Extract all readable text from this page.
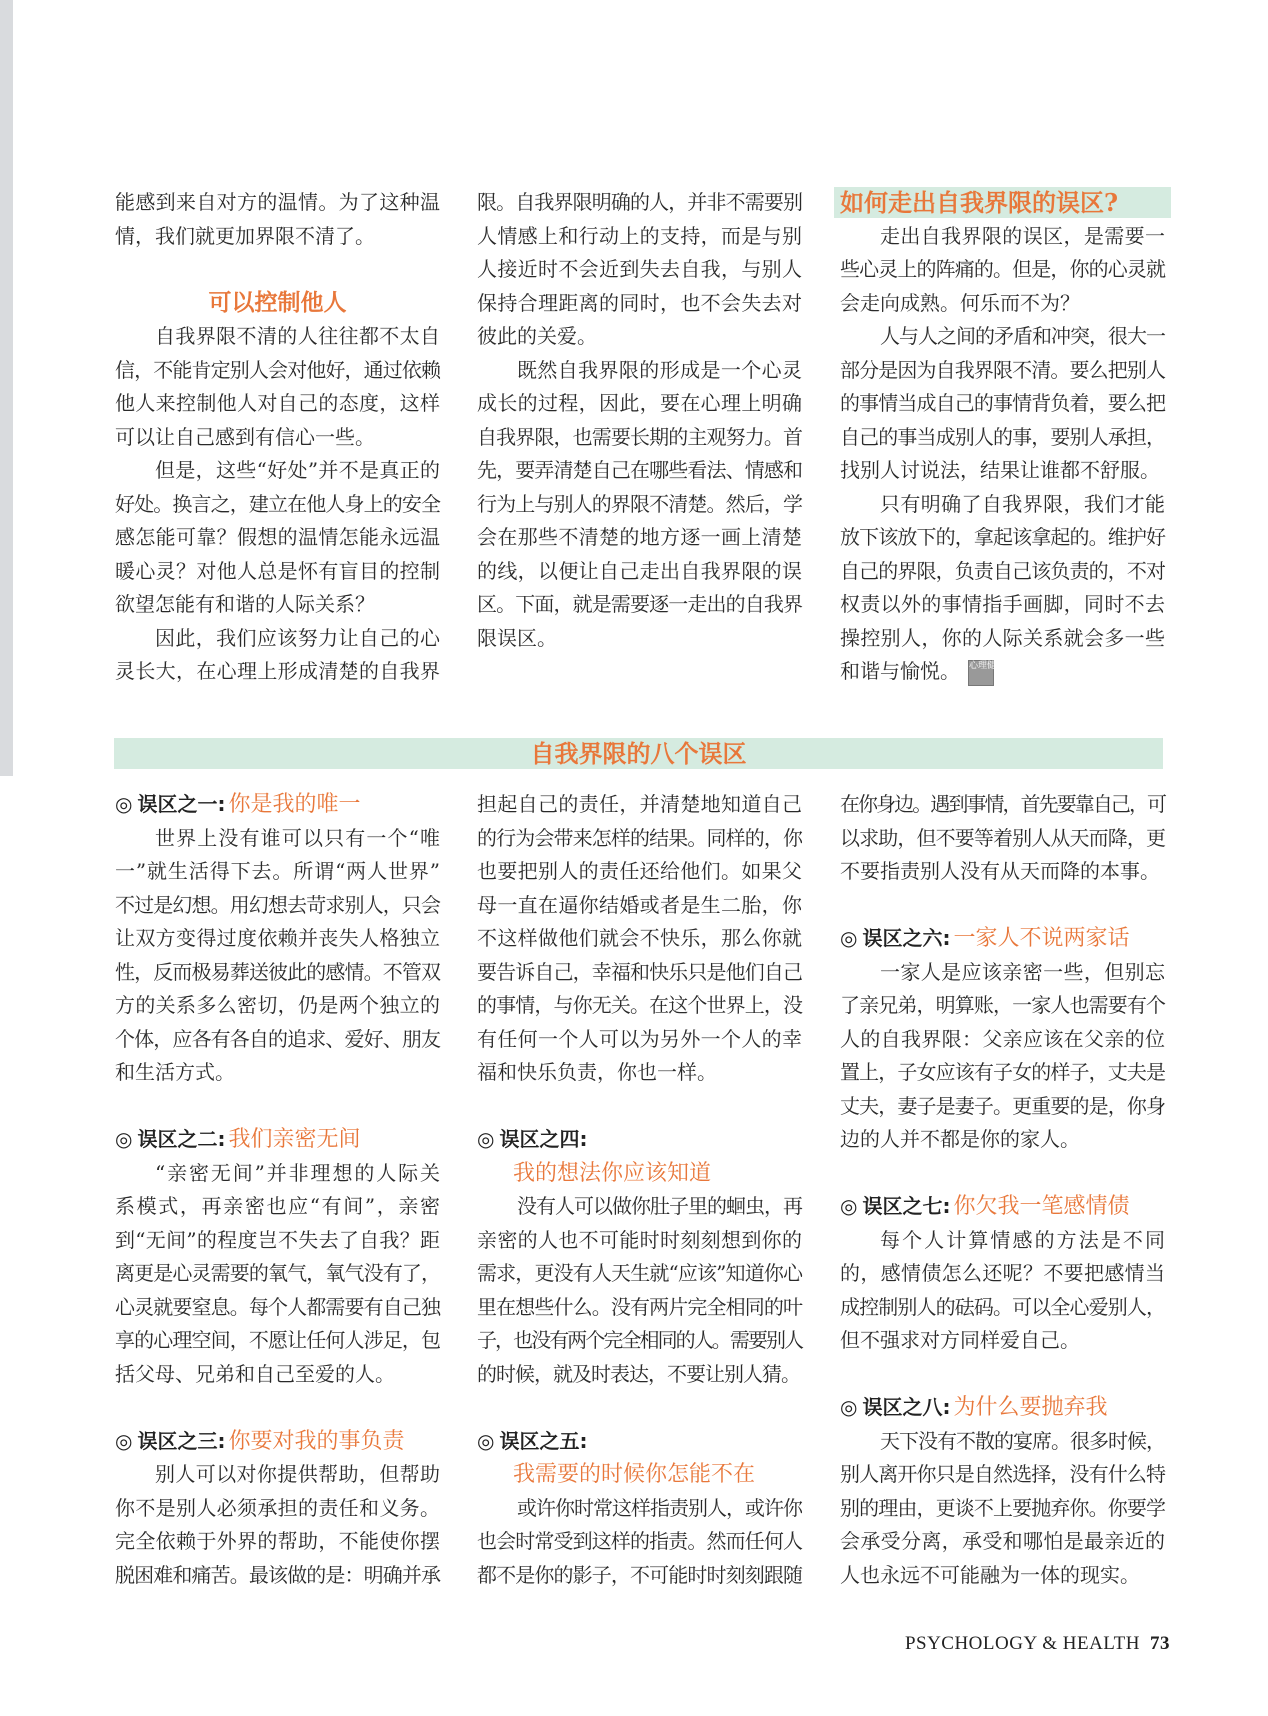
能感到来自对方的温情。为了这种温
情，我们就更加界限不清了。
可以控制他人
自我界限不清的人往往都不太自
信，不能肯定别人会对他好，通过依赖
他人来控制他人对自己的态度，这样
可以让自己感到有信心一些。
但是，这些“好处”并不是真正的
好处。换言之，建立在他人身上的安全
感怎能可靠？假想的温情怎能永远温
暖心灵？对他人总是怀有盲目的控制
欲望怎能有和谐的人际关系？
因此，我们应该努力让自己的心
灵长大，在心理上形成清楚的自我界
限。自我界限明确的人，并非不需要别
人情感上和行动上的支持，而是与别
人接近时不会近到失去自我，与别人
保持合理距离的同时，也不会失去对
彼此的关爱。
既然自我界限的形成是一个心灵
成长的过程，因此，要在心理上明确
自我界限，也需要长期的主观努力。首
先，要弄清楚自己在哪些看法、情感和
行为上与别人的界限不清楚。然后，学
会在那些不清楚的地方逐一画上清楚
的线，以便让自己走出自我界限的误
区。下面，就是需要逐一走出的自我界
限误区。
如何走出自我界限的误区?
走出自我界限的误区，是需要一
些心灵上的阵痛的。但是，你的心灵就
会走向成熟。何乐而不为？
人与人之间的矛盾和冲突，很大一
部分是因为自我界限不清。要么把别人
的事情当成自己的事情背负着，要么把
自己的事当成别人的事，要别人承担，
找别人讨说法，结果让谁都不舒服。
只有明确了自我界限，我们才能
放下该放下的，拿起该拿起的。维护好
自己的界限，负责自己该负责的，不对
权责以外的事情指手画脚，同时不去
操控别人，你的人际关系就会多一些
和谐与愉悦。 心理健康
自我界限的八个误区
◎ 误区之一: 你是我的唯一
世界上没有谁可以只有一个“唯
一”就生活得下去。所谓“两人世界”
不过是幻想。用幻想去苛求别人，只会
让双方变得过度依赖并丧失人格独立
性，反而极易葬送彼此的感情。不管双
方的关系多么密切，仍是两个独立的
个体，应各有各自的追求、爱好、朋友
和生活方式。
◎ 误区之二: 我们亲密无间
“亲密无间”并非理想的人际关
系模式，再亲密也应“有间”，亲密
到“无间”的程度岂不失去了自我？距
离更是心灵需要的氧气，氧气没有了，
心灵就要窒息。每个人都需要有自己独
享的心理空间，不愿让任何人涉足，包
括父母、兄弟和自己至爱的人。
◎ 误区之三: 你要对我的事负责
别人可以对你提供帮助，但帮助
你不是别人必须承担的责任和义务。
完全依赖于外界的帮助，不能使你摆
脱困难和痛苦。最该做的是：明确并承
担起自己的责任，并清楚地知道自己
的行为会带来怎样的结果。同样的，你
也要把别人的责任还给他们。如果父
母一直在逼你结婚或者是生二胎，你
不这样做他们就会不快乐，那么你就
要告诉自己，幸福和快乐只是他们自己
的事情，与你无关。在这个世界上，没
有任何一个人可以为另外一个人的幸
福和快乐负责，你也一样。
◎ 误区之四:
我的想法你应该知道
没有人可以做你肚子里的蛔虫，再
亲密的人也不可能时时刻刻想到你的
需求，更没有人天生就“应该”知道你心
里在想些什么。没有两片完全相同的叶
子，也没有两个完全相同的人。需要别人
的时候，就及时表达，不要让别人猜。
◎ 误区之五:
我需要的时候你怎能不在
或许你时常这样指责别人，或许你
也会时常受到这样的指责。然而任何人
都不是你的影子，不可能时时刻刻跟随
在你身边。遇到事情，首先要靠自己，可
以求助，但不要等着别人从天而降，更
不要指责别人没有从天而降的本事。
◎ 误区之六: 一家人不说两家话
一家人是应该亲密一些，但别忘
了亲兄弟，明算账，一家人也需要有个
人的自我界限：父亲应该在父亲的位
置上，子女应该有子女的样子，丈夫是
丈夫，妻子是妻子。更重要的是，你身
边的人并不都是你的家人。
◎ 误区之七: 你欠我一笔感情债
每个人计算情感的方法是不同
的，感情债怎么还呢？不要把感情当
成控制别人的砝码。可以全心爱别人，
但不强求对方同样爱自己。
◎ 误区之八: 为什么要抛弃我
天下没有不散的宴席。很多时候，
别人离开你只是自然选择，没有什么特
别的理由，更谈不上要抛弃你。你要学
会承受分离，承受和哪怕是最亲近的
人也永远不可能融为一体的现实。
PSYCHOLOGY & HEALTH 73
